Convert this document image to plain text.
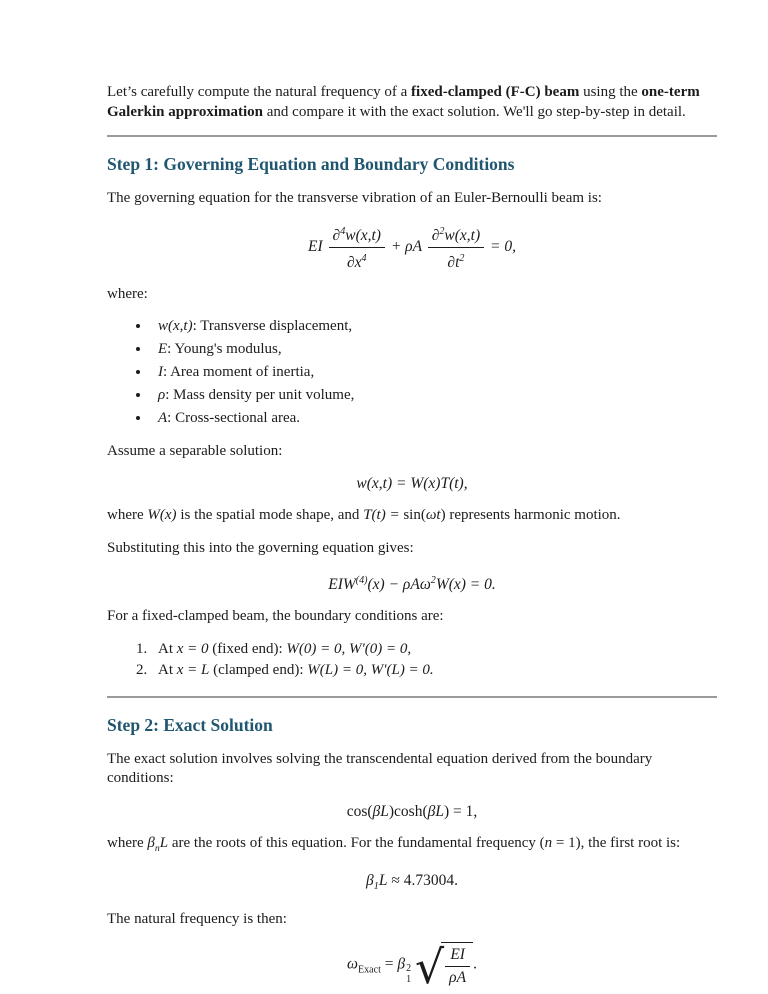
Let’s carefully compute the natural frequency of a fixed-clamped (F-C) beam using the one-term Galerkin approximation and compare it with the exact solution. We'll go step-by-step in detail.

Step 1: Governing Equation and Boundary Conditions

The governing equation for the transverse vibration of an Euler-Bernoulli beam is:

EI $\frac{\partial^4w(x,t)}{\partial x^4} + \rho A \frac{\partial^2w(x,t)}{\partial t^2} = 0$,

where:

• w(x,t): Transverse displacement,
• E: Young's modulus,
• I: Area moment of inertia,
• ρ: Mass density per unit volume,
• A: Cross-sectional area.

Assume a separable solution:

w(x,t) = W(x)T(t),

where W(x) is the spatial mode shape, and T(t) = sin(ωt) represents harmonic motion.

Substituting this into the governing equation gives:

$EIW^{(4)}(x) - \rho A\omega^2W(x) = 0$.

For a fixed-clamped beam, the boundary conditions are:

1. At x = 0 (fixed end): W(0) = 0, W′(0) = 0,
2. At x = L (clamped end): W(L) = 0, W′(L) = 0.
Step 2: Exact Solution

The exact solution involves solving the transcendental equation derived from the boundary conditions:

cos(βL)cosh(βL) = 1,

where $\beta_nL$ are the roots of this equation. For the fundamental frequency (n = 1), the first root is:

$\beta_1L \approx 4.73004$.

The natural frequency is then:

$\omega_{Exact} = \beta$ 2
1
√ $\frac{EI}{\rho A}$ .
